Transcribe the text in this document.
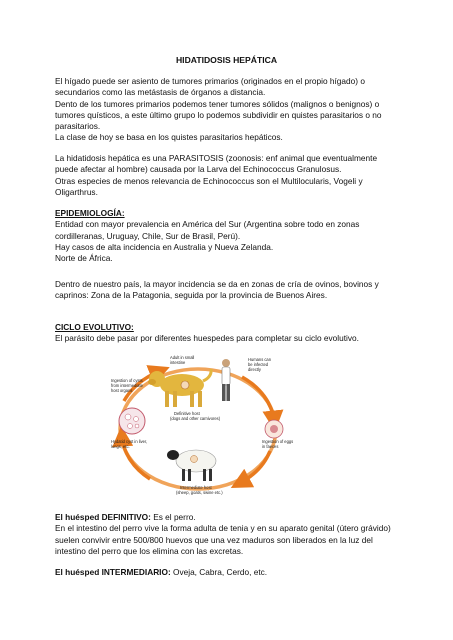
HIDATIDOSIS HEPÁTICA
El hígado puede ser asiento de tumores primarios (originados en el propio hígado) o
secundarios como las metástasis de órganos a distancia.
Dento de los tumores primarios podemos tener tumores sólidos (malignos o benignos) o
tumores quísticos, a este último grupo lo podemos subdividir en quistes parasitarios o no
parasitarios.
La clase de hoy se basa en los quistes parasitarios hepáticos.
La hidatidosis hepática es una PARASITOSIS (zoonosis: enf animal que eventualmente
puede afectar al hombre) causada por la Larva del Echinococcus Granulosus.
Otras especies de menos relevancia de Echinococcus son el Multilocularis, Vogeli y
Oligarthrus.
EPIDEMIOLOGÍA:
Entidad con mayor prevalencia en América del Sur (Argentina sobre todo en zonas
cordilleranas, Uruguay, Chile, Sur de Brasil, Perú).
Hay casos de alta incidencia en Australia y Nueva Zelanda.
Norte de África.
Dentro de nuestro país, la mayor incidencia se da en zonas de cría de ovinos, bovinos y
caprinos: Zona de la Patagonia, seguida por la provincia de Buenos Aires.
CICLO EVOLUTIVO:
El parásito debe pasar por diferentes huespedes para completar su ciclo evolutivo.
Adult in small
intestine
Humans can
be infected
directly
Ingestion of cysts
from intermediate
host organs
Definitive host
(dogs and other carnivores)
Ingestion of eggs
in faeces
Hydatid cyst in liver,
lungs, etc.
Intermediate host
(sheep, goats, swine etc.)
El huésped DEFINITIVO: Es el perro.
En el intestino del perro vive la forma adulta de tenia y en su aparato genital (útero grávido)
suelen convivir entre 500/800 huevos que una vez maduros son liberados en la luz del
intestino del perro que los elimina con las excretas.
El huésped INTERMEDIARIO: Oveja, Cabra, Cerdo, etc.
